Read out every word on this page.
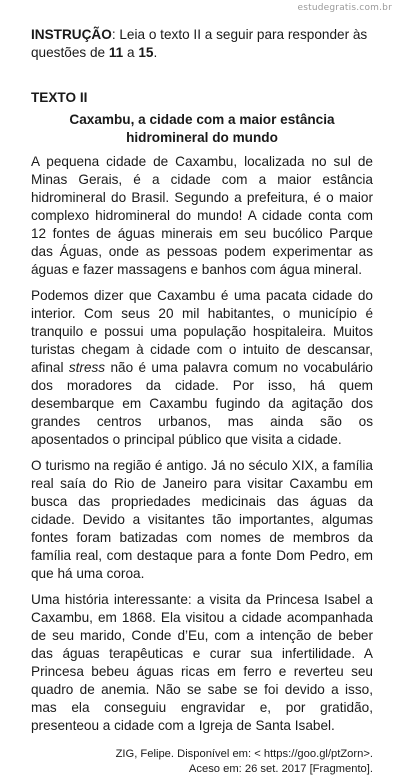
estudegratis.com.br

INSTRUÇÃO: Leia o texto II a seguir para responder às questões de 11 a 15.

TEXTO II
Caxambu, a cidade com a maior estância
hidromineral do mundo

A pequena cidade de Caxambu, localizada no sul de Minas Gerais, é a cidade com a maior estância hidromineral do Brasil. Segundo a prefeitura, é o maior complexo hidromineral do mundo! A cidade conta com 12 fontes de águas minerais em seu bucólico Parque das Águas, onde as pessoas podem experimentar as águas e fazer massagens e banhos com água mineral.

Podemos dizer que Caxambu é uma pacata cidade do interior. Com seus 20 mil habitantes, o município é tranquilo e possui uma população hospitaleira. Muitos turistas chegam à cidade com o intuito de descansar, afinal stress não é uma palavra comum no vocabulário dos moradores da cidade. Por isso, há quem desembarque em Caxambu fugindo da agitação dos grandes centros urbanos, mas ainda são os aposentados o principal público que visita a cidade.

O turismo na região é antigo. Já no século XIX, a família real saía do Rio de Janeiro para visitar Caxambu em busca das propriedades medicinais das águas da cidade. Devido a visitantes tão importantes, algumas fontes foram batizadas com nomes de membros da família real, com destaque para a fonte Dom Pedro, em que há uma coroa.

Uma história interessante: a visita da Princesa Isabel a Caxambu, em 1868. Ela visitou a cidade acompanhada de seu marido, Conde d’Eu, com a intenção de beber das águas terapêuticas e curar sua infertilidade. A Princesa bebeu águas ricas em ferro e reverteu seu quadro de anemia. Não se sabe se foi devido a isso, mas ela conseguiu engravidar e, por gratidão, presenteou a cidade com a Igreja de Santa Isabel.

ZIG, Felipe. Disponível em: < https://goo.gl/ptZorn>.
Aceso em: 26 set. 2017 [Fragmento].
